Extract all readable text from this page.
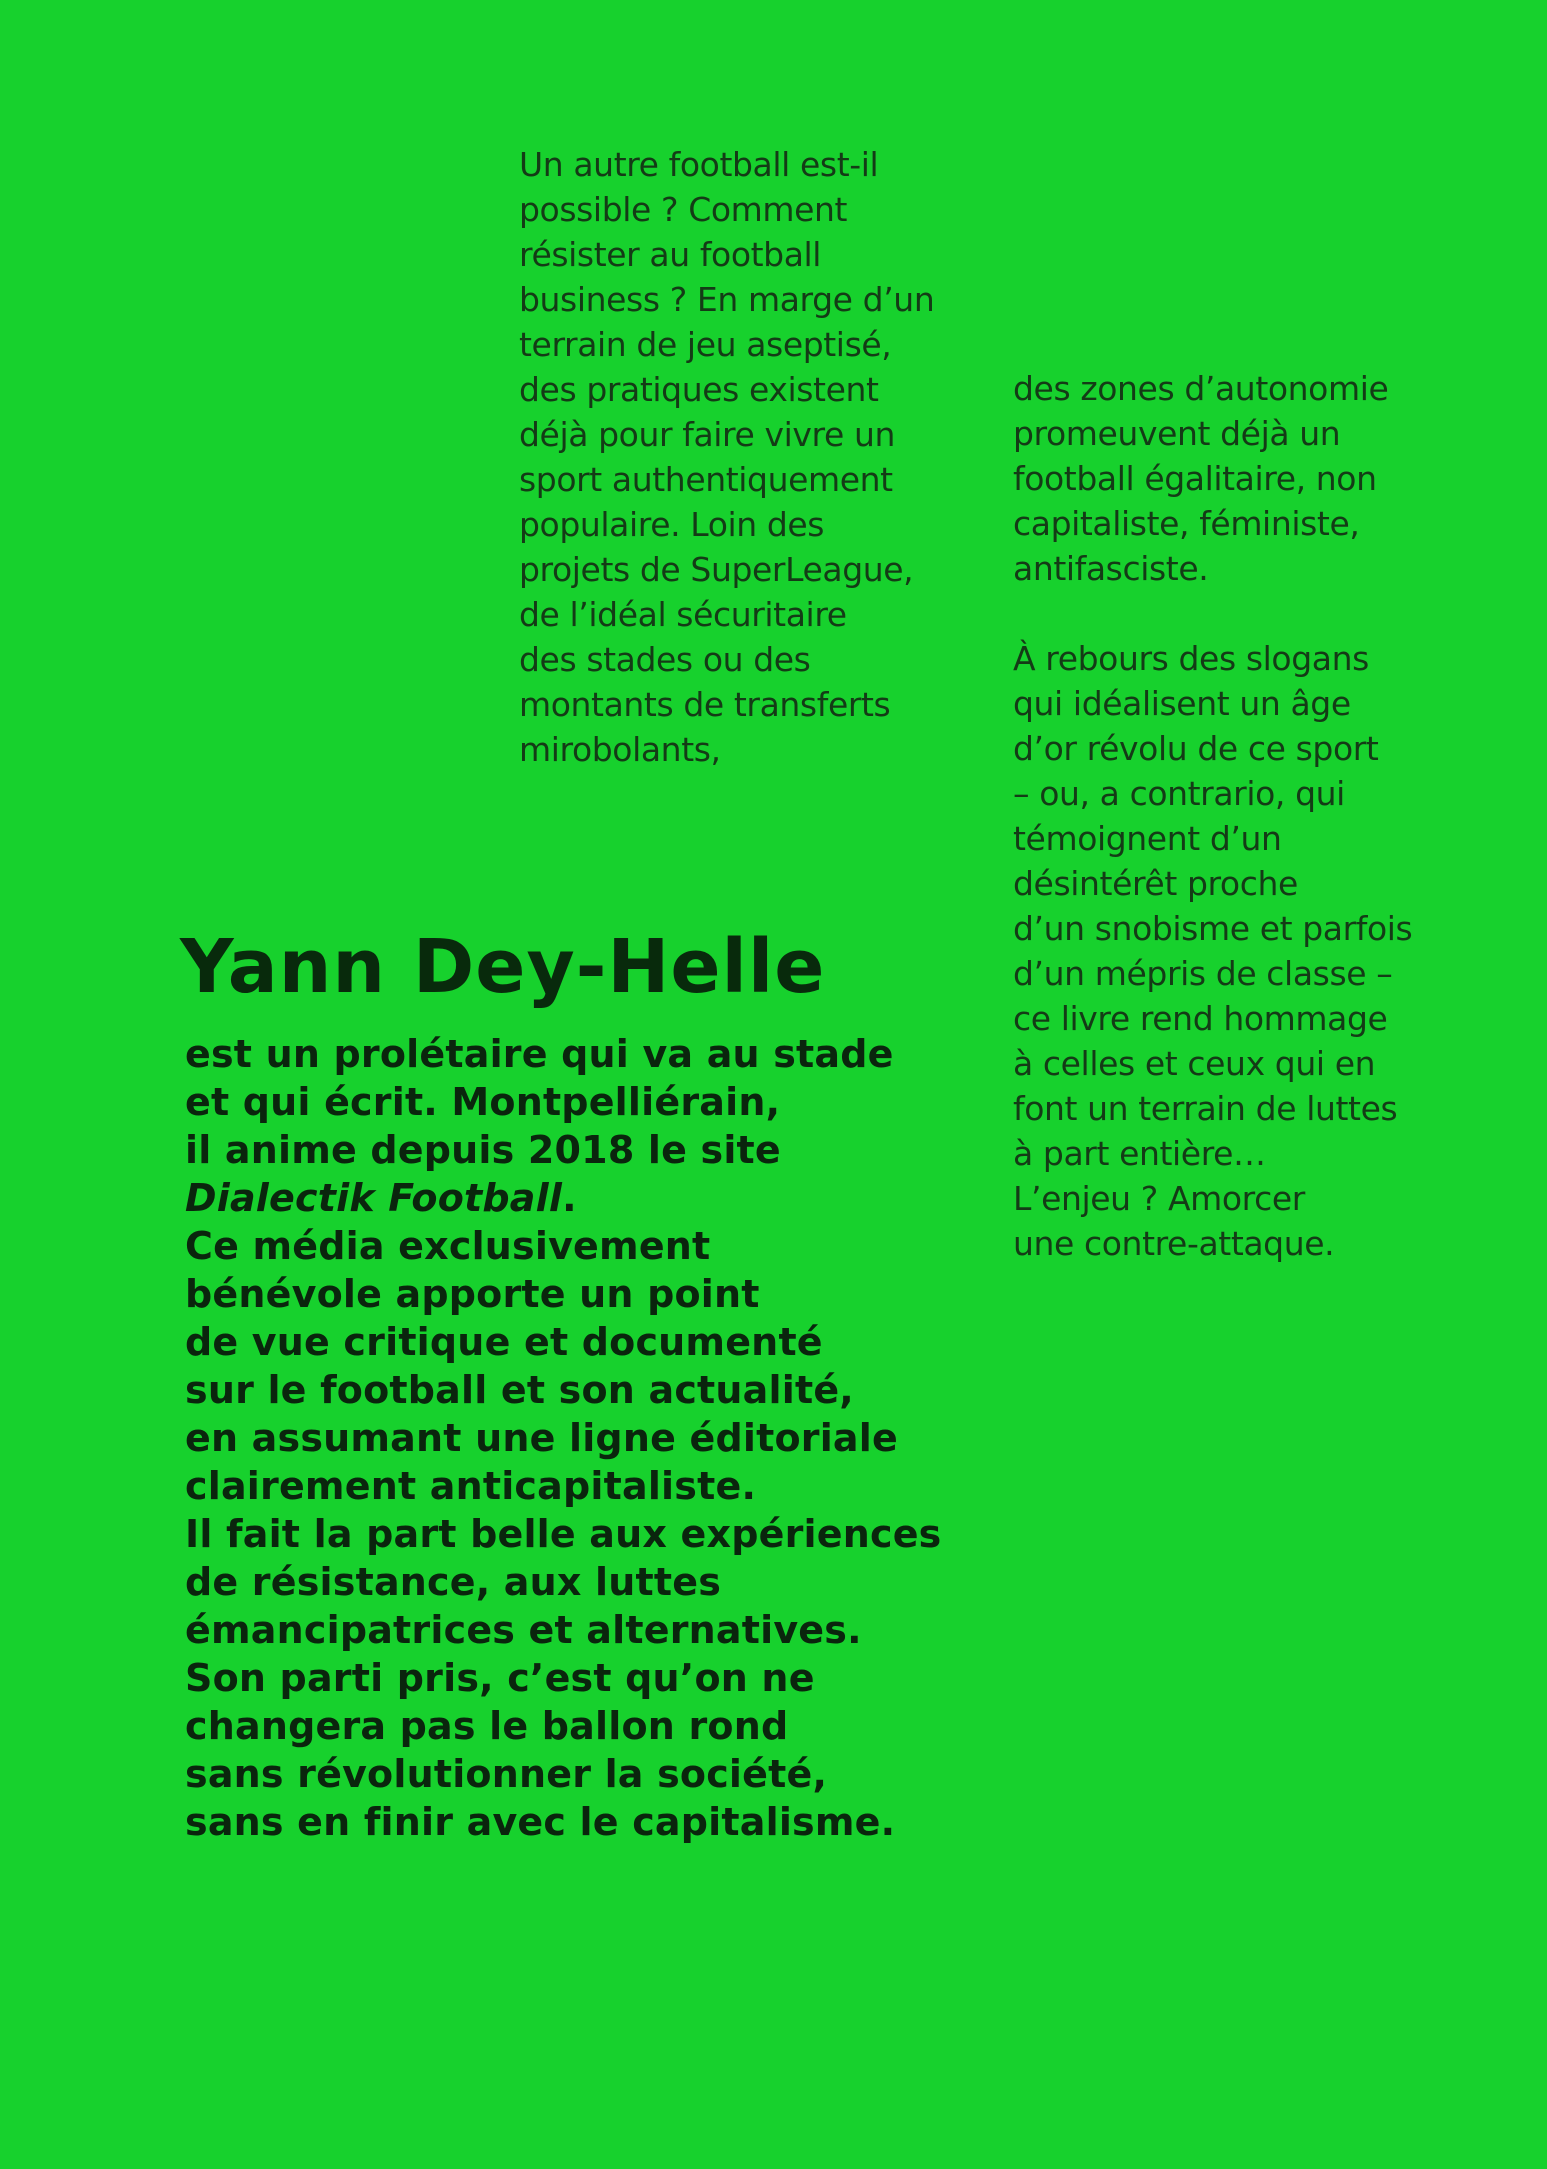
Un autre football est-il
possible ? Comment
résister au football
business ? En marge d’un
terrain de jeu aseptisé,
des pratiques existent
déjà pour faire vivre un
sport authentiquement
populaire. Loin des
projets de SuperLeague,
de l’idéal sécuritaire
des stades ou des
montants de transferts
mirobolants,
des zones d’autonomie
promeuvent déjà un
football égalitaire, non
capitaliste, féministe,
antifasciste.
À rebours des slogans
qui idéalisent un âge
d’or révolu de ce sport
– ou, a contrario, qui
témoignent d’un
désintérêt proche
d’un snobisme et parfois
d’un mépris de classe –
ce livre rend hommage
à celles et ceux qui en
font un terrain de luttes
à part entière…
L’enjeu ? Amorcer
une contre-attaque.
Yann Dey-Helle
est un prolétaire qui va au stade
et qui écrit. Montpelliérain,
il anime depuis 2018 le site
Dialectik Football.
Ce média exclusivement
bénévole apporte un point
de vue critique et documenté
sur le football et son actualité,
en assumant une ligne éditoriale
clairement anticapitaliste.
Il fait la part belle aux expériences
de résistance, aux luttes
émancipatrices et alternatives.
Son parti pris, c’est qu’on ne
changera pas le ballon rond
sans révolutionner la société,
sans en finir avec le capitalisme.
